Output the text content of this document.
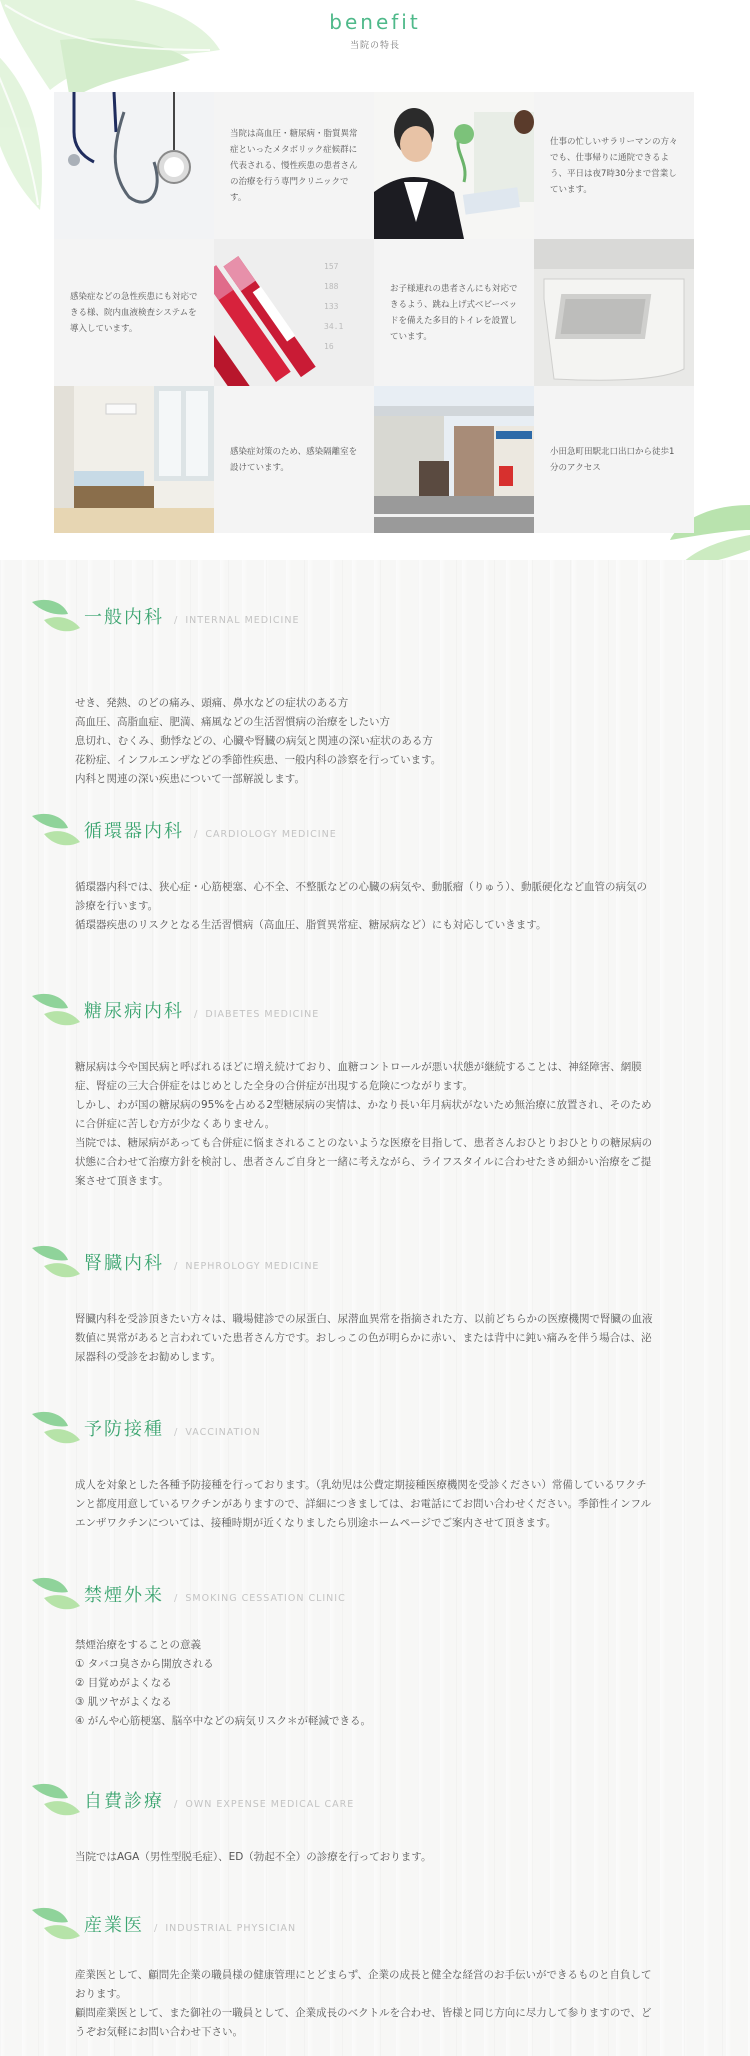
benefit
当院の特長

当院は高血圧・糖尿病・脂質異常症といったメタボリック症候群に代表される、慢性疾患の患者さんの治療を行う専門クリニックです。

仕事の忙しいサラリーマンの方々でも、仕事帰りに通院できるよう、平日は夜7時30分まで営業しています。

感染症などの急性疾患にも対応できる様、院内血液検査システムを導入しています。

157
188
133
34.1
16

お子様連れの患者さんにも対応できるよう、跳ね上げ式ベビーベッドを備えた多目的トイレを設置しています。

感染症対策のため、感染隔離室を設けています。

小田急町田駅北口出口から徒歩1分のアクセス

一般内科 / INTERNAL MEDICINE
せき、発熱、のどの痛み、頭痛、鼻水などの症状のある方
高血圧、高脂血症、肥満、痛風などの生活習慣病の治療をしたい方
息切れ、むくみ、動悸などの、心臓や腎臓の病気と関連の深い症状のある方
花粉症、インフルエンザなどの季節性疾患、一般内科の診察を行っています。
内科と関連の深い疾患について一部解説します。
循環器内科 / CARDIOLOGY MEDICINE
循環器内科では、狭心症・心筋梗塞、心不全、不整脈などの心臓の病気や、動脈瘤（りゅう）、動脈硬化など血管の病気の
診療を行います。
循環器疾患のリスクとなる生活習慣病（高血圧、脂質異常症、糖尿病など）にも対応していきます。
糖尿病内科 / DIABETES MEDICINE
糖尿病は今や国民病と呼ばれるほどに増え続けており、血糖コントロールが悪い状態が継続することは、神経障害、網膜
症、腎症の三大合併症をはじめとした全身の合併症が出現する危険につながります。
しかし、わが国の糖尿病の95%を占める2型糖尿病の実情は、かなり長い年月病状がないため無治療に放置され、そのため
に合併症に苦しむ方が少なくありません。
当院では、糖尿病があっても合併症に悩まされることのないような医療を目指して、患者さんおひとりおひとりの糖尿病の
状態に合わせて治療方針を検討し、患者さんご自身と一緒に考えながら、ライフスタイルに合わせたきめ細かい治療をご提
案させて頂きます。
腎臓内科 / NEPHROLOGY MEDICINE
腎臓内科を受診頂きたい方々は、職場健診での尿蛋白、尿潜血異常を指摘された方、以前どちらかの医療機関で腎臓の血液
数値に異常があると言われていた患者さん方です。おしっこの色が明らかに赤い、または背中に鈍い痛みを伴う場合は、泌
尿器科の受診をお勧めします。
予防接種 / VACCINATION
成人を対象とした各種予防接種を行っております。（乳幼児は公費定期接種医療機関を受診ください）常備しているワクチ
ンと都度用意しているワクチンがありますので、詳細につきましては、お電話にてお問い合わせください。季節性インフル
エンザワクチンについては、接種時期が近くなりましたら別途ホームページでご案内させて頂きます。
禁煙外来 / SMOKING CESSATION CLINIC
禁煙治療をすることの意義
① タバコ臭さから開放される
② 目覚めがよくなる
③ 肌ツヤがよくなる
④ がんや心筋梗塞、脳卒中などの病気リスク＊が軽減できる。
自費診療 / OWN EXPENSE MEDICAL CARE
当院ではAGA（男性型脱毛症）、ED（勃起不全）の診療を行っております。
産業医 / INDUSTRIAL PHYSICIAN
産業医として、顧問先企業の職員様の健康管理にとどまらず、企業の成長と健全な経営のお手伝いができるものと自負して
おります。
顧問産業医として、また御社の一職員として、企業成長のベクトルを合わせ、皆様と同じ方向に尽力して参りますので、ど
うぞお気軽にお問い合わせ下さい。
